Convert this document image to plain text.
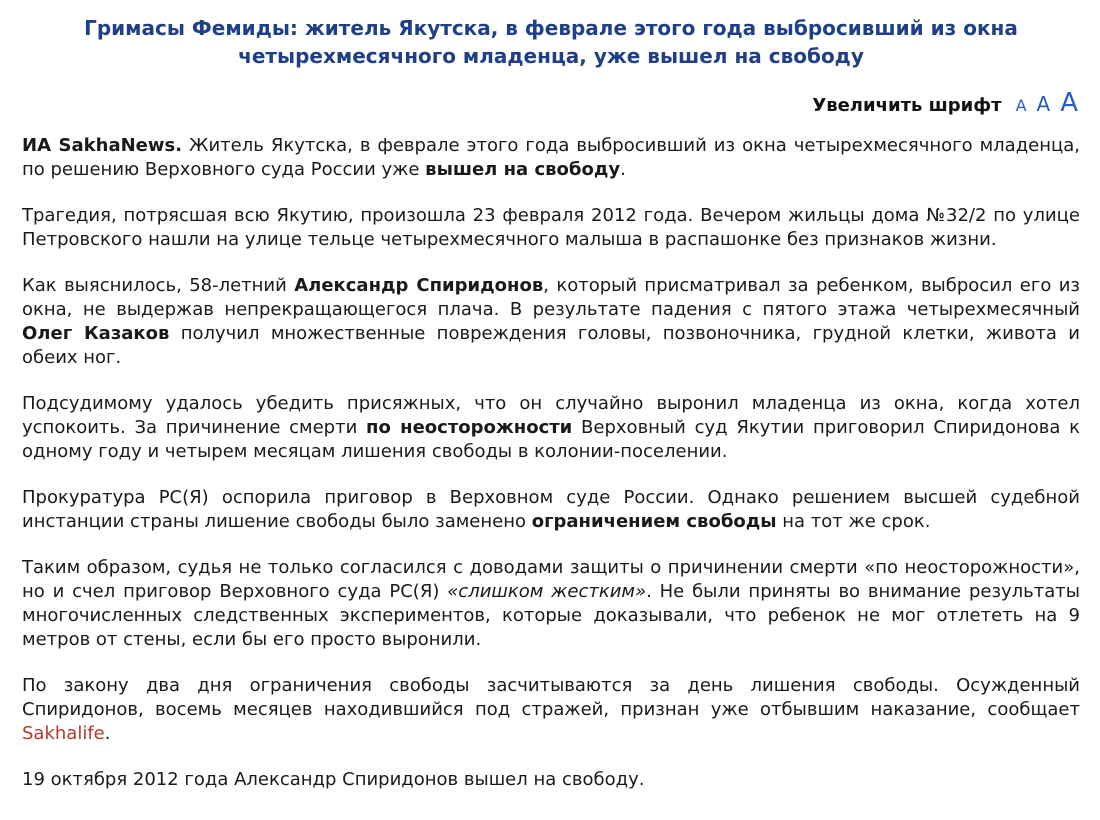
Гримасы Фемиды: житель Якутска, в феврале этого года выбросивший из окна
четырехмесячного младенца, уже вышел на свободу
Увеличить шрифт A A A

ИА SakhaNews. Житель Якутска, в феврале этого года выбросивший из окна четырехмесячного младенца, по решению Верховного суда России уже вышел на свободу.

Трагедия, потрясшая всю Якутию, произошла 23 февраля 2012 года. Вечером жильцы дома №32/2 по улице Петровского нашли на улице тельце четырехмесячного малыша в распашонке без признаков жизни.

Как выяснилось, 58-летний Александр Спиридонов, который присматривал за ребенком, выбросил его из окна, не выдержав непрекращающегося плача. В результате падения с пятого этажа четырехмесячный Олег Казаков получил множественные повреждения головы, позвоночника, грудной клетки, живота и обеих ног.

Подсудимому удалось убедить присяжных, что он случайно выронил младенца из окна, когда хотел успокоить. За причинение смерти по неосторожности Верховный суд Якутии приговорил Спиридонова к одному году и четырем месяцам лишения свободы в колонии-поселении.

Прокуратура РС(Я) оспорила приговор в Верховном суде России. Однако решением высшей судебной инстанции страны лишение свободы было заменено ограничением свободы на тот же срок.

Таким образом, судья не только согласился с доводами защиты о причинении смерти «по неосторожности», но и счел приговор Верховного суда РС(Я) «слишком жестким». Не были приняты во внимание результаты многочисленных следственных экспериментов, которые доказывали, что ребенок не мог отлететь на 9 метров от стены, если бы его просто выронили.

По закону два дня ограничения свободы засчитываются за день лишения свободы. Осужденный Спиридонов, восемь месяцев находившийся под стражей, признан уже отбывшим наказание, сообщает Sakhalife.

19 октября 2012 года Александр Спиридонов вышел на свободу.
